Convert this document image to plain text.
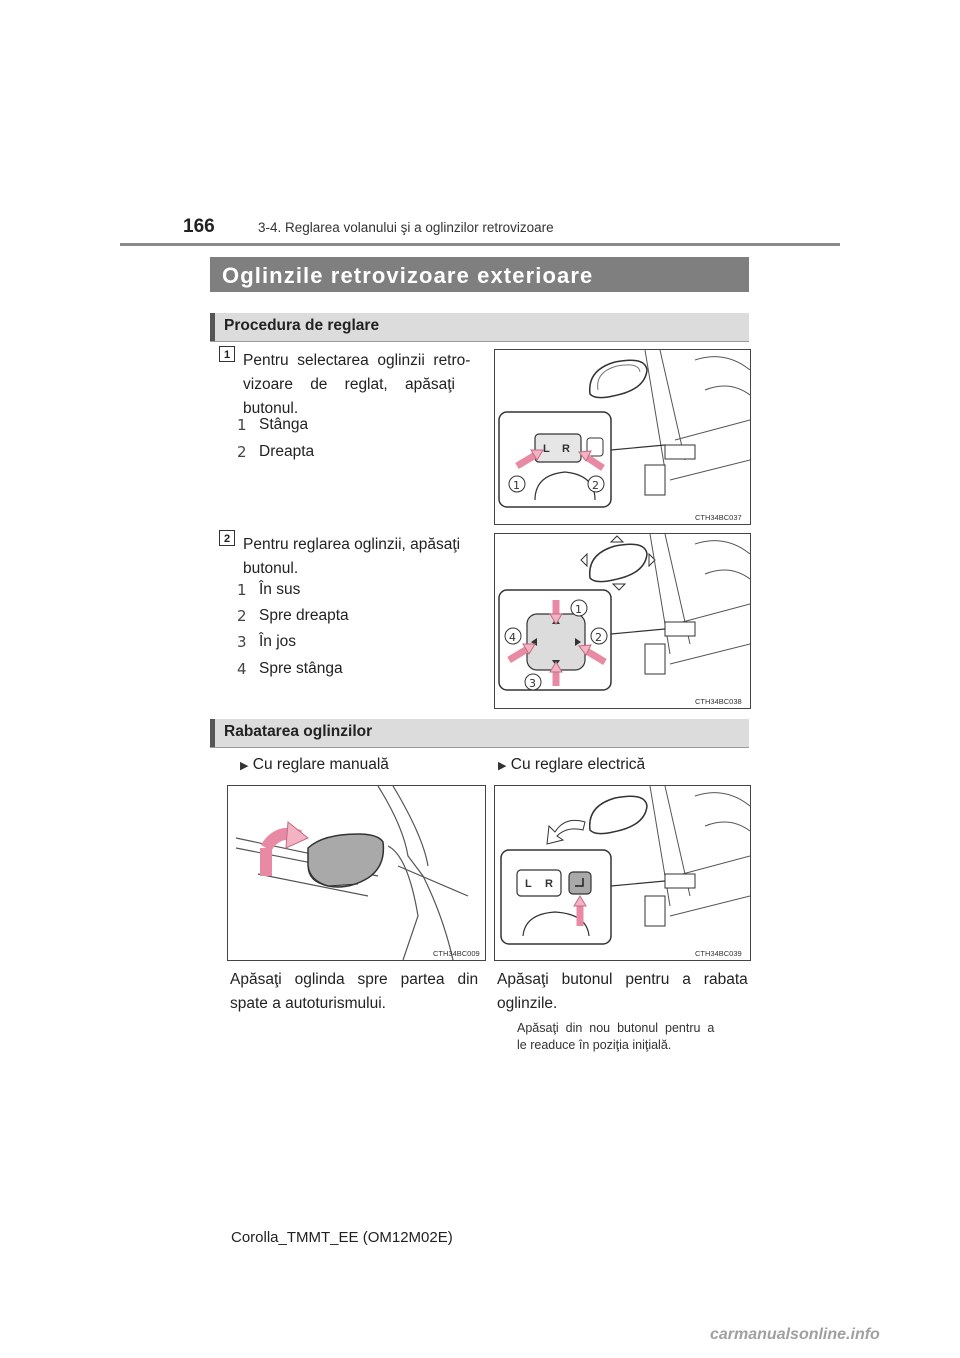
166	3-4. Reglarea volanului şi a oglinzilor retrovizoare
Oglinzile retrovizoare exterioare
Procedura de reglare
1 Pentru  selectarea  oglinzii  retro-
vizoare    de    reglat,    apăsaţi
butonul.
1 Stânga
2 Dreapta	L R
1	2
CTH34BC037
2 Pentru reglarea oglinzii, apăsaţi
butonul.
1 În sus
2 Spre dreapta
3 În jos
4 Spre stânga
1
2
3
4
CTH34BC038
Rabatarea oglinzilor
▶ Cu reglare manuală	▶ Cu reglare electrică
CTH34BC009
L R
CTH34BC039
Apăsaţi   oglinda   spre   partea   din
spate a autoturismului.
Apăsaţi   butonul   pentru   a   rabata
oglinzile.
Apăsaţi  din  nou  butonul  pentru  a
le readuce în poziţia iniţială.
Corolla_TMMT_EE (OM12M02E)
carmanualsonline.info
